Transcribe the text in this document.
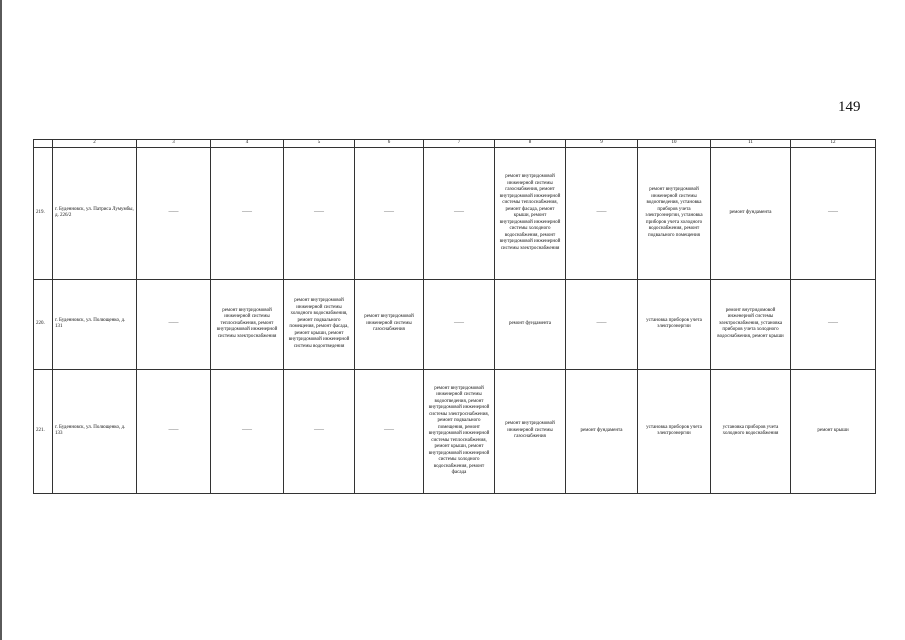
149
	2	3	4	5	6	7	8	9	10	11	12
219.	г. Буденновск, ул. Патриса Лумумбы, д. 226/2	——	——	——	——	——	ремонт внутридомовой инженерной системы газоснабжения, ремонт внутридомовой инженерной системы теплоснабжения, ремонт фасада, ремонт крыши, ремонт внутридомовой инженерной системы холодного водоснабжения, ремонт внутридомовой инженерной системы электроснабжения	——	ремонт внутридомовой инженерной системы водоотведения, установка приборов учета электроэнергии, установка приборов учета холодного водоснабжения, ремонт подвального помещения	ремонт фундамента	——
220.	г. Буденновск, ул. Полющенко, д. 131	——	ремонт внутридомовой инженерной системы теплоснабжения, ремонт внутридомовой инженерной системы электроснабжения	ремонт внутридомовой инженерной системы холодного водоснабжения, ремонт подвального помещения, ремонт фасада, ремонт крыши, ремонт внутридомовой инженерной системы водоотведения	ремонт внутридомовой инженерной системы газоснабжения	——	ремонт фундамента	——	установка приборов учета электроэнергии	ремонт внутридомовой инженерной системы электроснабжения, установка приборов учета холодного водоснабжения, ремонт крыши	——
221.	г. Буденновск, ул. Полющенко, д. 133	——	——	——	——	ремонт внутридомовой инженерной системы водоотведения, ремонт внутридомовой инженерной системы электроснабжения, ремонт подвального помещения, ремонт внутридомовой инженерной системы теплоснабжения, ремонт крыши, ремонт внутридомовой инженерной системы холодного водоснабжения, ремонт фасада	ремонт внутридомовой инженерной системы газоснабжения	ремонт фундамента	установка приборов учета электроэнергии	установка приборов учета холодного водоснабжения	ремонт крыши
